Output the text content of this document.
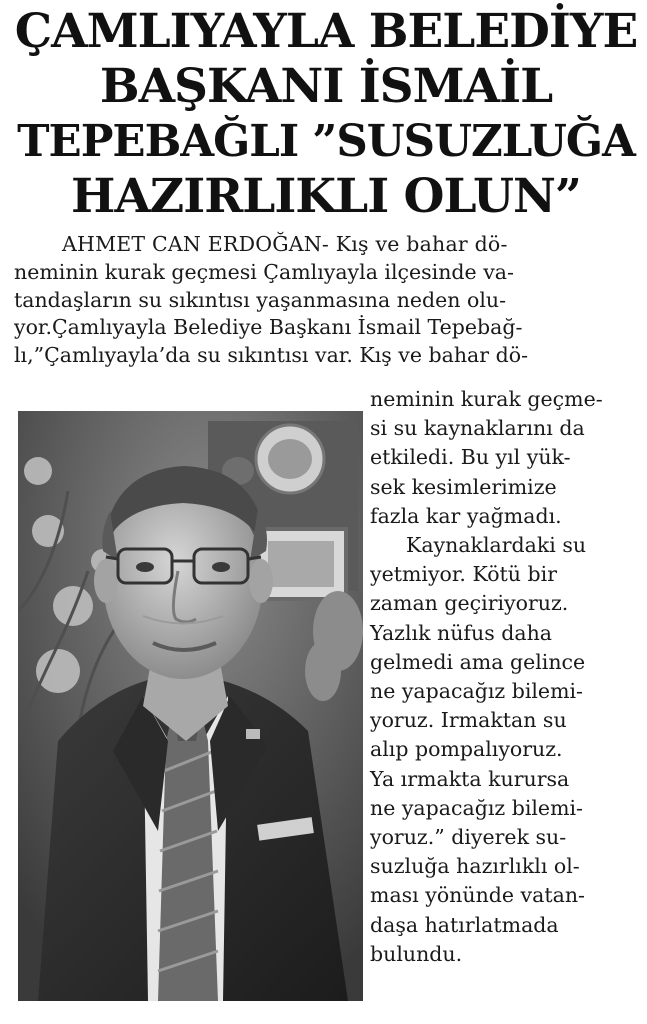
ÇAMLIYAYLA BELEDİYE
BAŞKANI İSMAİL
TEPEBAĞLI ”SUSUZLUĞA
HAZIRLIKLI OLUN”
AHMET CAN ERDOĞAN- Kış ve bahar dö-
neminin kurak geçmesi Çamlıyayla ilçesinde va-
tandaşların su sıkıntısı yaşanmasına neden olu-
yor.Çamlıyayla Belediye Başkanı İsmail Tepebağ-
lı,”Çamlıyayla’da su sıkıntısı var. Kış ve bahar dö-
neminin kurak geçme-
si su kaynaklarını da
etkiledi. Bu yıl yük-
sek kesimlerimize
fazla kar yağmadı.
Kaynaklardaki su
yetmiyor. Kötü bir
zaman geçiriyoruz.
Yazlık nüfus daha
gelmedi ama gelince
ne yapacağız bilemi-
yoruz. Irmaktan su
alıp pompalıyoruz.
Ya ırmakta kurursa
ne yapacağız bilemi-
yoruz.” diyerek su-
suzluğa hazırlıklı ol-
ması yönünde vatan-
daşa hatırlatmada
bulundu.
